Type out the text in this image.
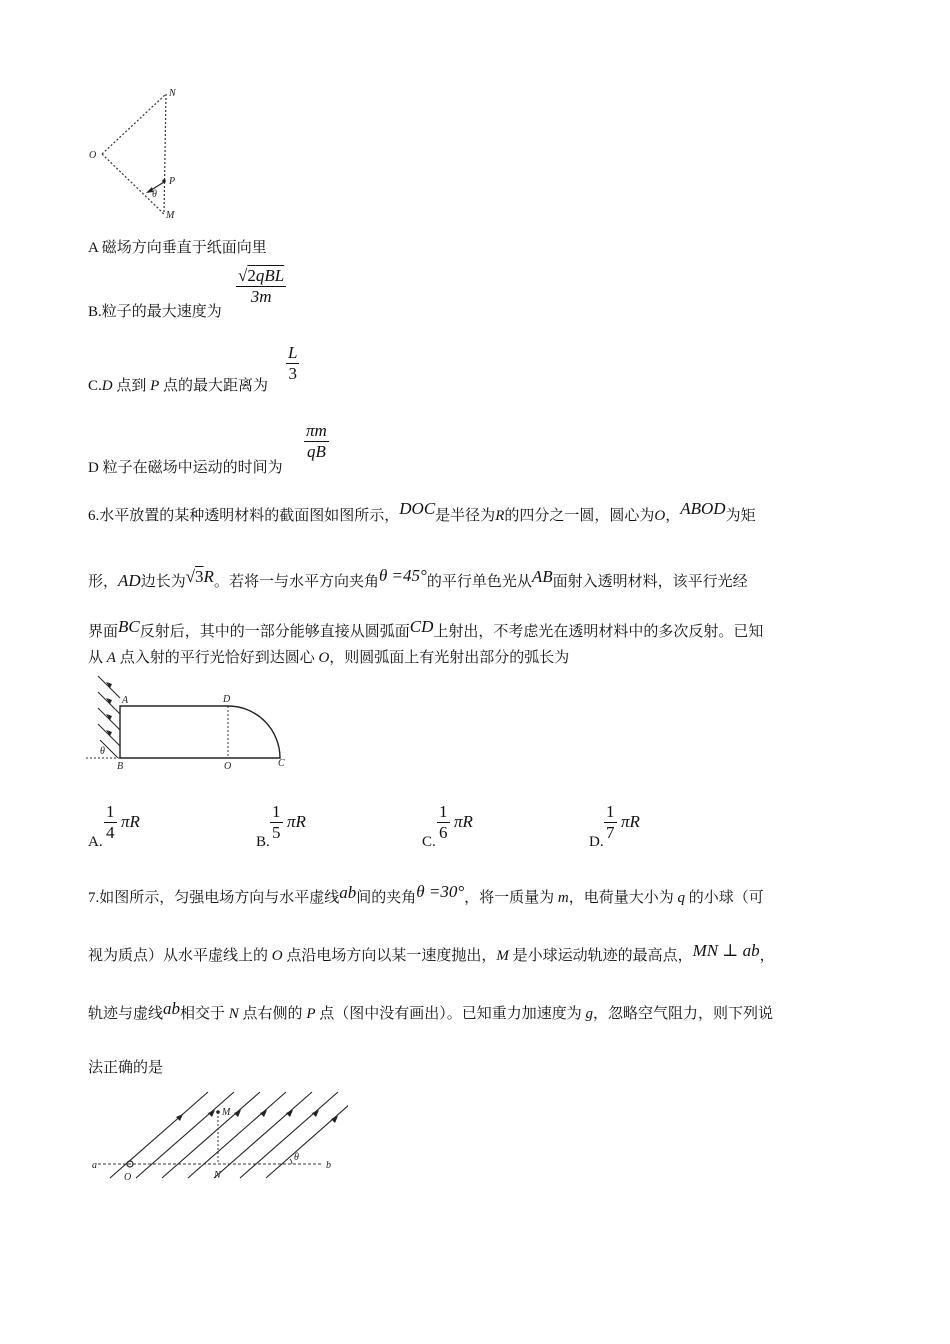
N
O
P
θ
M
A 磁场方向垂直于纸面向里
B.粒子的最大速度为
√2qBL
3m
C.D 点到 P 点的最大距离为
$\frac{L}{3}$
D 粒子在磁场中运动的时间为
$\frac{\pi m}{qB}$
6.水平放置的某种透明材料的截面图如图所示，DOC是半径为R的四分之一圆，圆心为O，ABOD为矩
形，AD边长为√3R。若将一与水平方向夹角θ =45°的平行单色光从AB面射入透明材料，该平行光经
界面BC反射后，其中的一部分能够直接从圆弧面CD上射出，不考虑光在透明材料中的多次反射。已知
从 A 点入射的平行光恰好到达圆心 O，则圆弧面上有光射出部分的弧长为
A	D
θ
B	O	C
A. $\frac{1}{4}$ πR
B. $\frac{1}{5}$ πR
C. $\frac{1}{6}$ πR
D. $\frac{1}{7}$ πR
7.如图所示，匀强电场方向与水平虚线ab间的夹角θ =30°，将一质量为 m，电荷量大小为 q 的小球（可
视为质点）从水平虚线上的 O 点沿电场方向以某一速度抛出，M 是小球运动轨迹的最高点，MN ⊥ ab，
轨迹与虚线ab相交于 N 点右侧的 P 点（图中没有画出）。已知重力加速度为 g，忽略空气阻力，则下列说
法正确的是
a
O
M
N
θ
b
